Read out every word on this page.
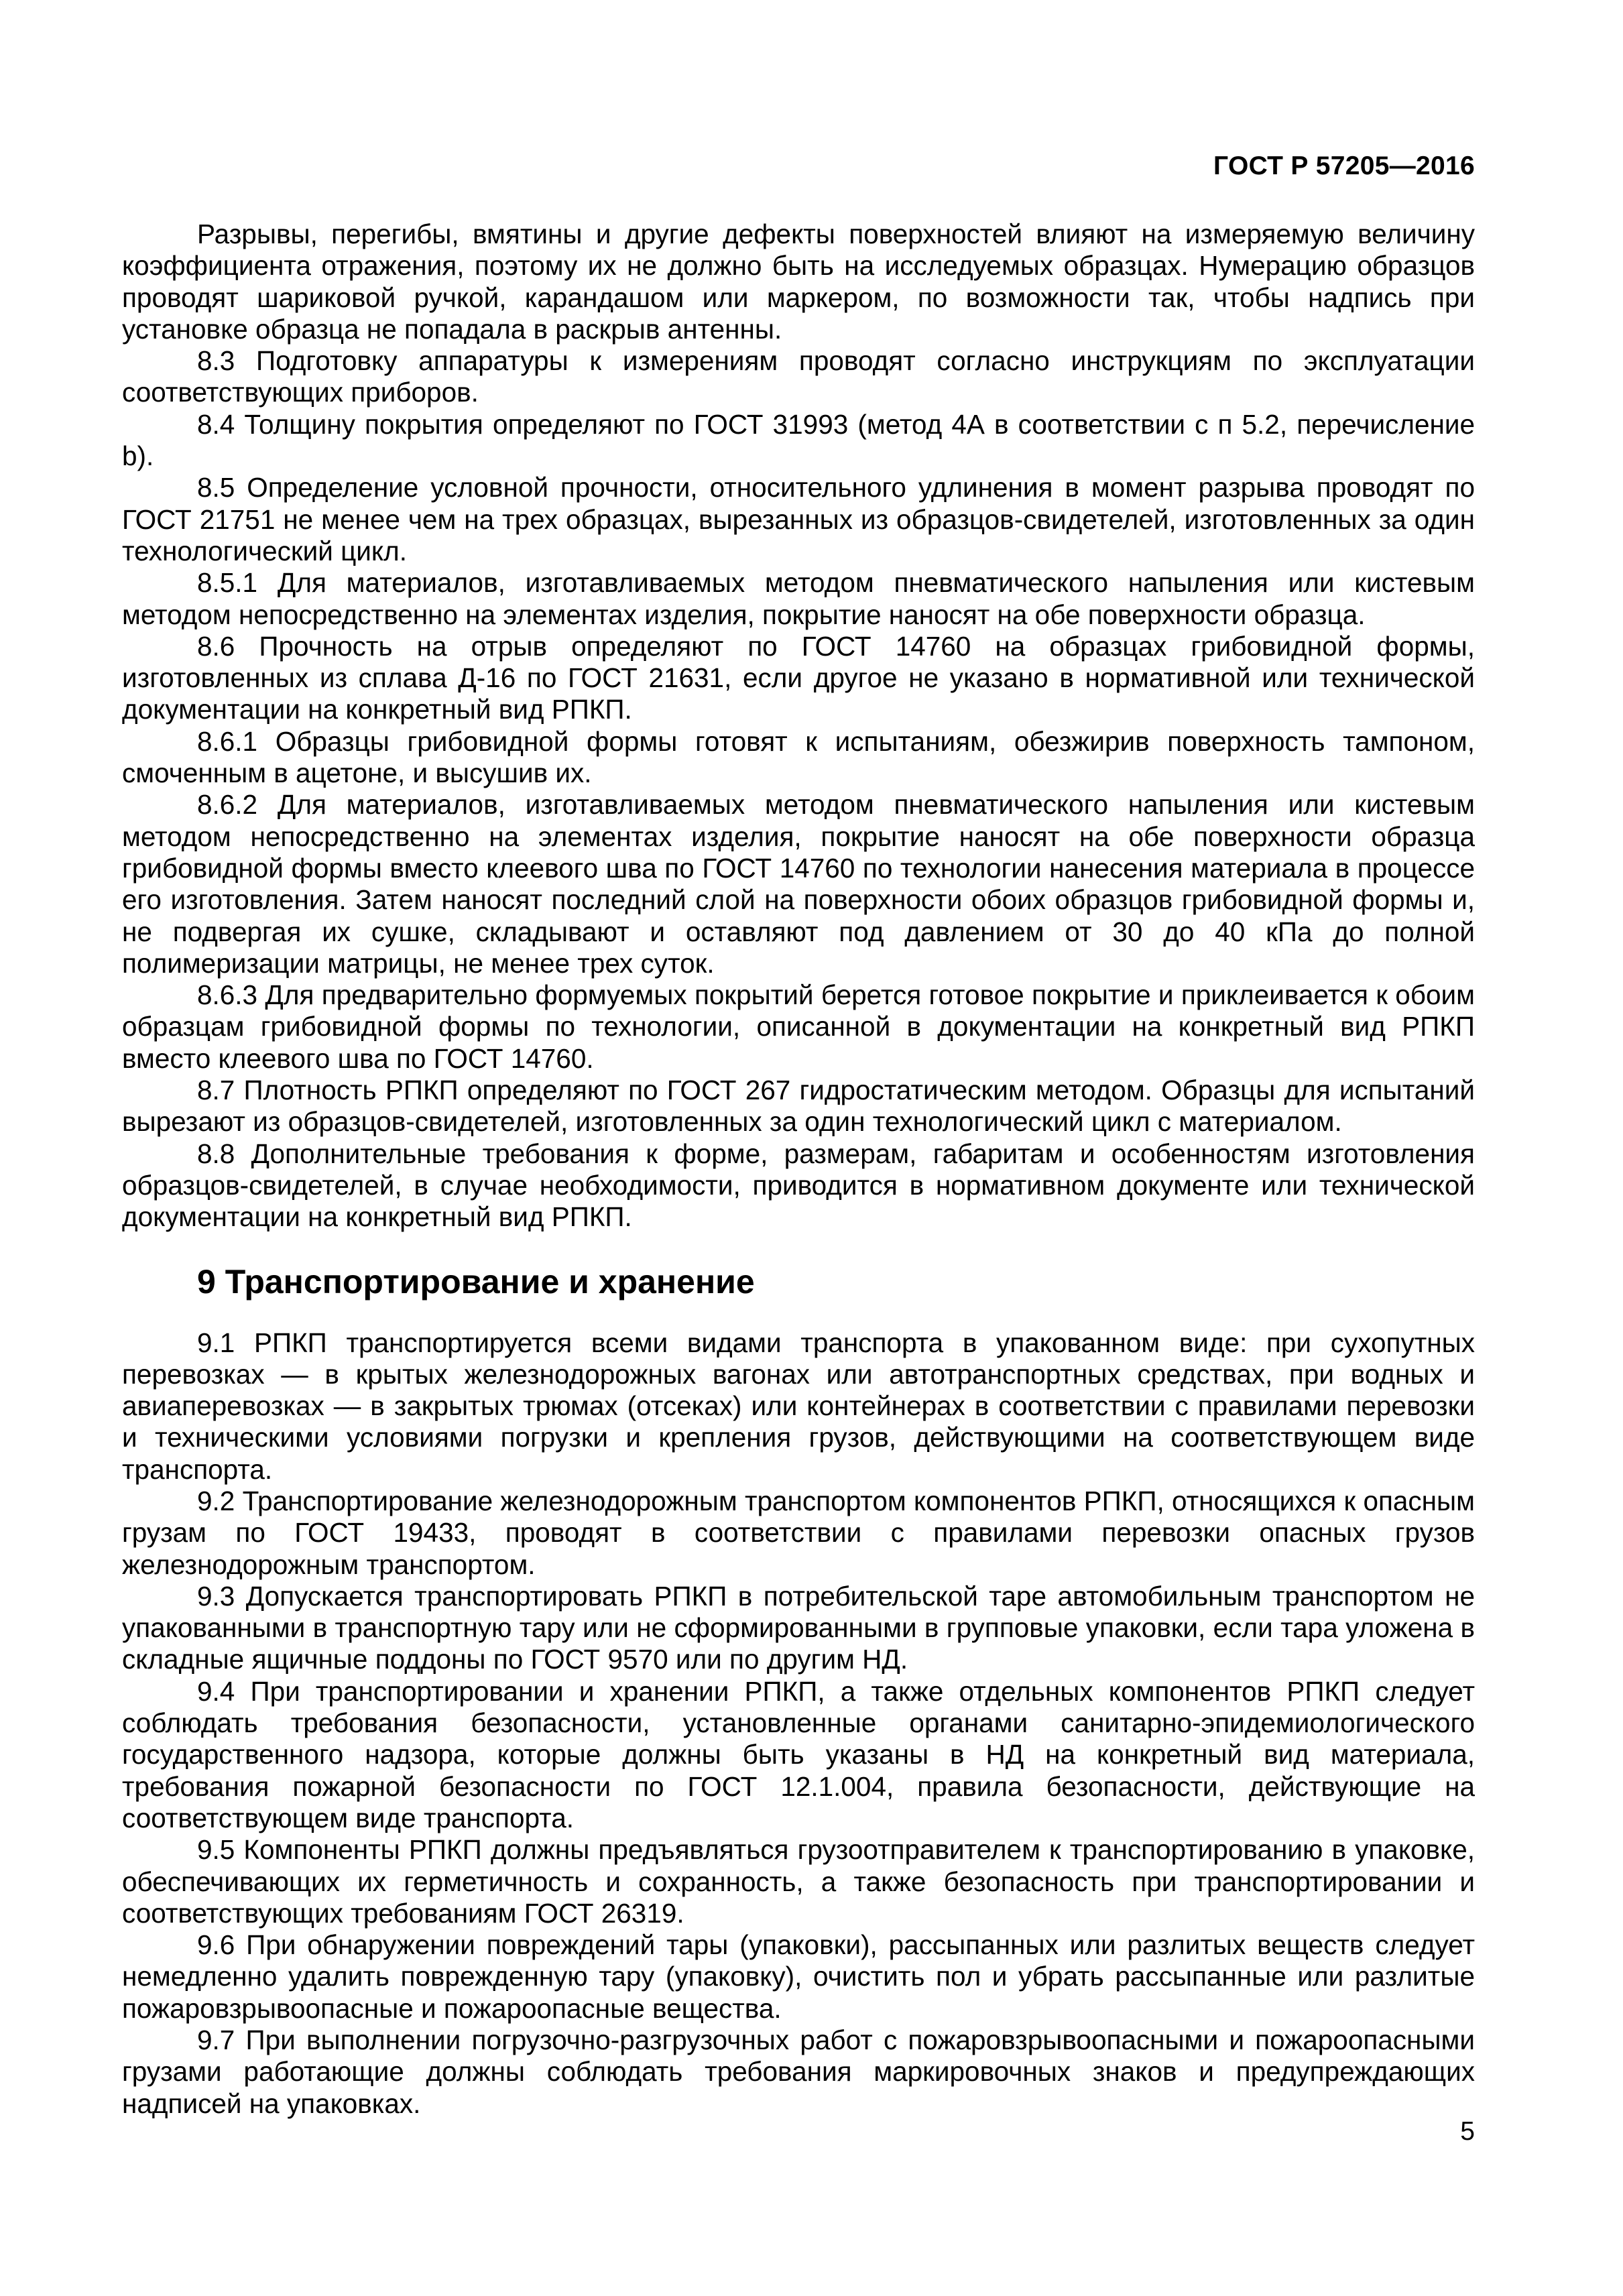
ГОСТ Р 57205—2016

Разрывы, перегибы, вмятины и другие дефекты поверхностей влияют на измеряемую величину коэффициента отражения, поэтому их не должно быть на исследуемых образцах. Нумерацию образцов проводят шариковой ручкой, карандашом или маркером, по возможности так, чтобы надпись при установке образца не попадала в раскрыв антенны.

8.3 Подготовку аппаратуры к измерениям проводят согласно инструкциям по эксплуатации соответствующих приборов.

8.4 Толщину покрытия определяют по ГОСТ 31993 (метод 4А в соответствии с п 5.2, перечисление b).

8.5 Определение условной прочности, относительного удлинения в момент разрыва проводят по ГОСТ 21751 не менее чем на трех образцах, вырезанных из образцов-свидетелей, изготовленных за один технологический цикл.

8.5.1 Для материалов, изготавливаемых методом пневматического напыления или кистевым методом непосредственно на элементах изделия, покрытие наносят на обе поверхности образца.

8.6 Прочность на отрыв определяют по ГОСТ 14760 на образцах грибовидной формы, изготовленных из сплава Д-16 по ГОСТ 21631, если другое не указано в нормативной или технической документации на конкретный вид РПКП.

8.6.1 Образцы грибовидной формы готовят к испытаниям, обезжирив поверхность тампоном, смоченным в ацетоне, и высушив их.

8.6.2 Для материалов, изготавливаемых методом пневматического напыления или кистевым методом непосредственно на элементах изделия, покрытие наносят на обе поверхности образца грибовидной формы вместо клеевого шва по ГОСТ 14760 по технологии нанесения материала в процессе его изготовления. Затем наносят последний слой на поверхности обоих образцов грибовидной формы и, не подвергая их сушке, складывают и оставляют под давлением от 30 до 40 кПа до полной полимеризации матрицы, не менее трех суток.

8.6.3 Для предварительно формуемых покрытий берется готовое покрытие и приклеивается к обоим образцам грибовидной формы по технологии, описанной в документации на конкретный вид РПКП вместо клеевого шва по ГОСТ 14760.

8.7 Плотность РПКП определяют по ГОСТ 267 гидростатическим методом. Образцы для испытаний вырезают из образцов-свидетелей, изготовленных за один технологический цикл с материалом.

8.8 Дополнительные требования к форме, размерам, габаритам и особенностям изготовления образцов-свидетелей, в случае необходимости, приводится в нормативном документе или технической документации на конкретный вид РПКП.

9 Транспортирование и хранение

9.1 РПКП транспортируется всеми видами транспорта в упакованном виде: при сухопутных перевозках — в крытых железнодорожных вагонах или автотранспортных средствах, при водных и авиаперевозках — в закрытых трюмах (отсеках) или контейнерах в соответствии с правилами перевозки и техническими условиями погрузки и крепления грузов, действующими на соответствующем виде транспорта.

9.2 Транспортирование железнодорожным транспортом компонентов РПКП, относящихся к опасным грузам по ГОСТ 19433, проводят в соответствии с правилами перевозки опасных грузов железнодорожным транспортом.

9.3 Допускается транспортировать РПКП в потребительской таре автомобильным транспортом не упакованными в транспортную тару или не сформированными в групповые упаковки, если тара уложена в складные ящичные поддоны по ГОСТ 9570 или по другим НД.

9.4 При транспортировании и хранении РПКП, а также отдельных компонентов РПКП следует соблюдать требования безопасности, установленные органами санитарно-эпидемиологического государственного надзора, которые должны быть указаны в НД на конкретный вид материала, требования пожарной безопасности по ГОСТ 12.1.004, правила безопасности, действующие на соответствующем виде транспорта.

9.5 Компоненты РПКП должны предъявляться грузоотправителем к транспортированию в упаковке, обеспечивающих их герметичность и сохранность, а также безопасность при транспортировании и соответствующих требованиям ГОСТ 26319.

9.6 При обнаружении повреждений тары (упаковки), рассыпанных или разлитых веществ следует немедленно удалить поврежденную тару (упаковку), очистить пол и убрать рассыпанные или разлитые пожаровзрывоопасные и пожароопасные вещества.

9.7 При выполнении погрузочно-разгрузочных работ с пожаровзрывоопасными и пожароопасными грузами работающие должны соблюдать требования маркировочных знаков и предупреждающих надписей на упаковках.

5
